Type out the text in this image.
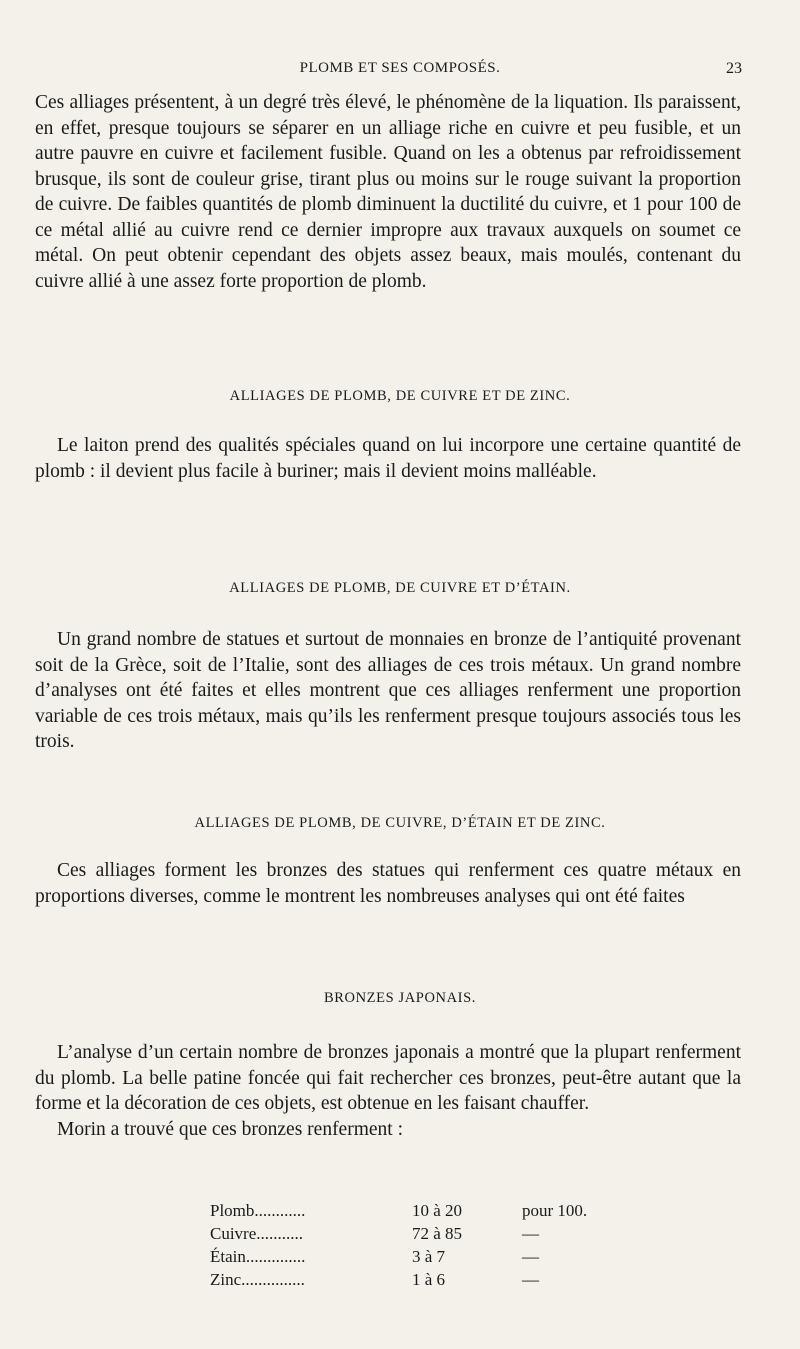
PLOMB ET SES COMPOSÉS.	23

Ces alliages présentent, à un degré très élevé, le phénomène de la liquation. Ils paraissent, en effet, presque toujours se séparer en un alliage riche en cuivre et peu fusible, et un autre pauvre en cuivre et facilement fusible. Quand on les a obtenus par refroidissement brusque, ils sont de couleur grise, tirant plus ou moins sur le rouge suivant la proportion de cuivre. De faibles quantités de plomb diminuent la ductilité du cuivre, et 1 pour 100 de ce métal allié au cuivre rend ce dernier impropre aux travaux auxquels on soumet ce métal. On peut obtenir cependant des objets assez beaux, mais moulés, contenant du cuivre allié à une assez forte proportion de plomb.

ALLIAGES DE PLOMB, DE CUIVRE ET DE ZINC.

Le laiton prend des qualités spéciales quand on lui incorpore une certaine quantité de plomb : il devient plus facile à buriner; mais il devient moins malléable.

ALLIAGES DE PLOMB, DE CUIVRE ET D’ÉTAIN.

Un grand nombre de statues et surtout de monnaies en bronze de l’antiquité provenant soit de la Grèce, soit de l’Italie, sont des alliages de ces trois métaux. Un grand nombre d’analyses ont été faites et elles montrent que ces alliages renferment une proportion variable de ces trois métaux, mais qu’ils les renferment presque toujours associés tous les trois.

ALLIAGES DE PLOMB, DE CUIVRE, D’ÉTAIN ET DE ZINC.

Ces alliages forment les bronzes des statues qui renferment ces quatre métaux en proportions diverses, comme le montrent les nombreuses analyses qui ont été faites

BRONZES JAPONAIS.

L’analyse d’un certain nombre de bronzes japonais a montré que la plupart renferment du plomb. La belle patine foncée qui fait rechercher ces bronzes, peut-être autant que la forme et la décoration de ces objets, est obtenue en les faisant chauffer.

Morin a trouvé que ces bronzes renferment :

Plomb............	10 à 20	pour 100.
Cuivre...........	72 à 85	—
Étain..............	3 à 7	—
Zinc...............	1 à 6	—
